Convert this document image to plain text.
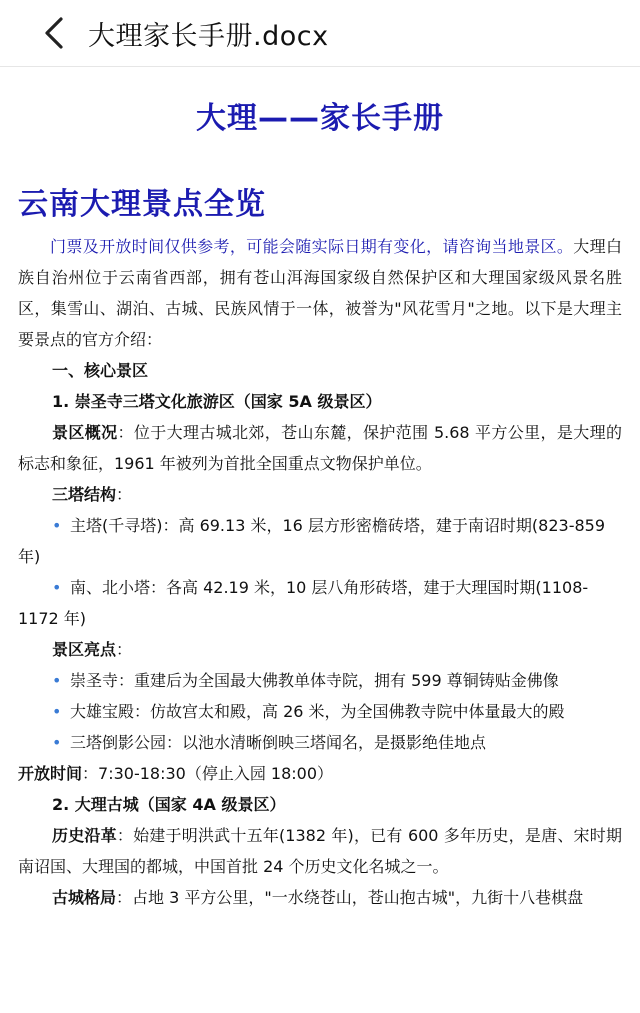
大理家长手册.docx
大理——家长手册
云南大理景点全览
门票及开放时间仅供参考，可能会随实际日期有变化，请咨询当地景区。大理白族自治州位于云南省西部，拥有苍山洱海国家级自然保护区和大理国家级风景名胜区，集雪山、湖泊、古城、民族风情于一体，被誉为"风花雪月"之地。以下是大理主要景点的官方介绍：
一、核心景区
1. 崇圣寺三塔文化旅游区（国家 5A 级景区）
景区概况：位于大理古城北郊，苍山东麓，保护范围 5.68 平方公里，是大理的标志和象征，1961 年被列为首批全国重点文物保护单位。
三塔结构：
• 主塔(千寻塔)：高 69.13 米，16 层方形密檐砖塔，建于南诏时期(823-859 年)
• 南、北小塔：各高 42.19 米，10 层八角形砖塔，建于大理国时期(1108-1172 年)
景区亮点：
• 崇圣寺：重建后为全国最大佛教单体寺院，拥有 599 尊铜铸贴金佛像
• 大雄宝殿：仿故宫太和殿，高 26 米，为全国佛教寺院中体量最大的殿
• 三塔倒影公园：以池水清晰倒映三塔闻名，是摄影绝佳地点
开放时间：7:30-18:30（停止入园 18:00）
2. 大理古城（国家 4A 级景区）
历史沿革：始建于明洪武十五年(1382 年)，已有 600 多年历史，是唐、宋时期南诏国、大理国的都城，中国首批 24 个历史文化名城之一。
古城格局：占地 3 平方公里，"一水绕苍山，苍山抱古城"，九街十八巷棋盘
